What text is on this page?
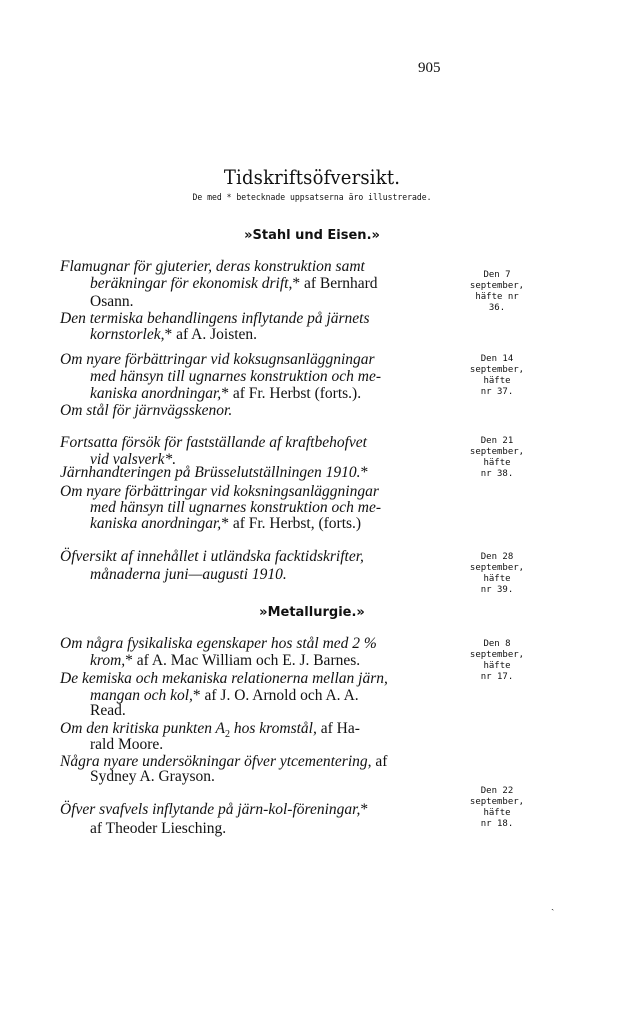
905
Tidskriftsöfversikt.
De med * betecknade uppsatserna äro illustrerade.
»Stahl und Eisen.»
»Metallurgie.»
ˎ
Flamugnar för gjuterier, deras konstruktion samt
beräkningar för ekonomisk drift,* af Bernhard
Osann.
Den termiska behandlingens inflytande på järnets
kornstorlek,* af A. Joisten.
Den 7
september,
häfte nr
36.
Om nyare förbättringar vid koksugnsanläggningar
med hänsyn till ugnarnes konstruktion och me-
kaniska anordningar,* af Fr. Herbst (forts.).
Om stål för järnvägsskenor.
Den 14
september,
häfte
nr 37.
Fortsatta försök för fastställande af kraftbehofvet
vid valsverk*.
Järnhandteringen på Brüsselutställningen 1910.*
Om nyare förbättringar vid koksningsanläggningar
med hänsyn till ugnarnes konstruktion och me-
kaniska anordningar,* af Fr. Herbst, (forts.)
Den 21
september,
häfte
nr 38.
Öfversikt af innehållet i utländska facktidskrifter,
månaderna juni—augusti 1910.
Den 28
september,
häfte
nr 39.
Om några fysikaliska egenskaper hos stål med 2 %
krom,* af A. Mac William och E. J. Barnes.
De kemiska och mekaniska relationerna mellan järn,
mangan och kol,* af J. O. Arnold och A. A.
Read.
Om den kritiska punkten $A_2$ hos kromstål, af Ha-
rald Moore.
Några nyare undersökningar öfver ytcementering, af
Sydney A. Grayson.
Den 8
september,
häfte
nr 17.
Öfver svafvels inflytande på järn-kol-föreningar,*
af Theoder Liesching.
Den 22
september,
häfte
nr 18.
